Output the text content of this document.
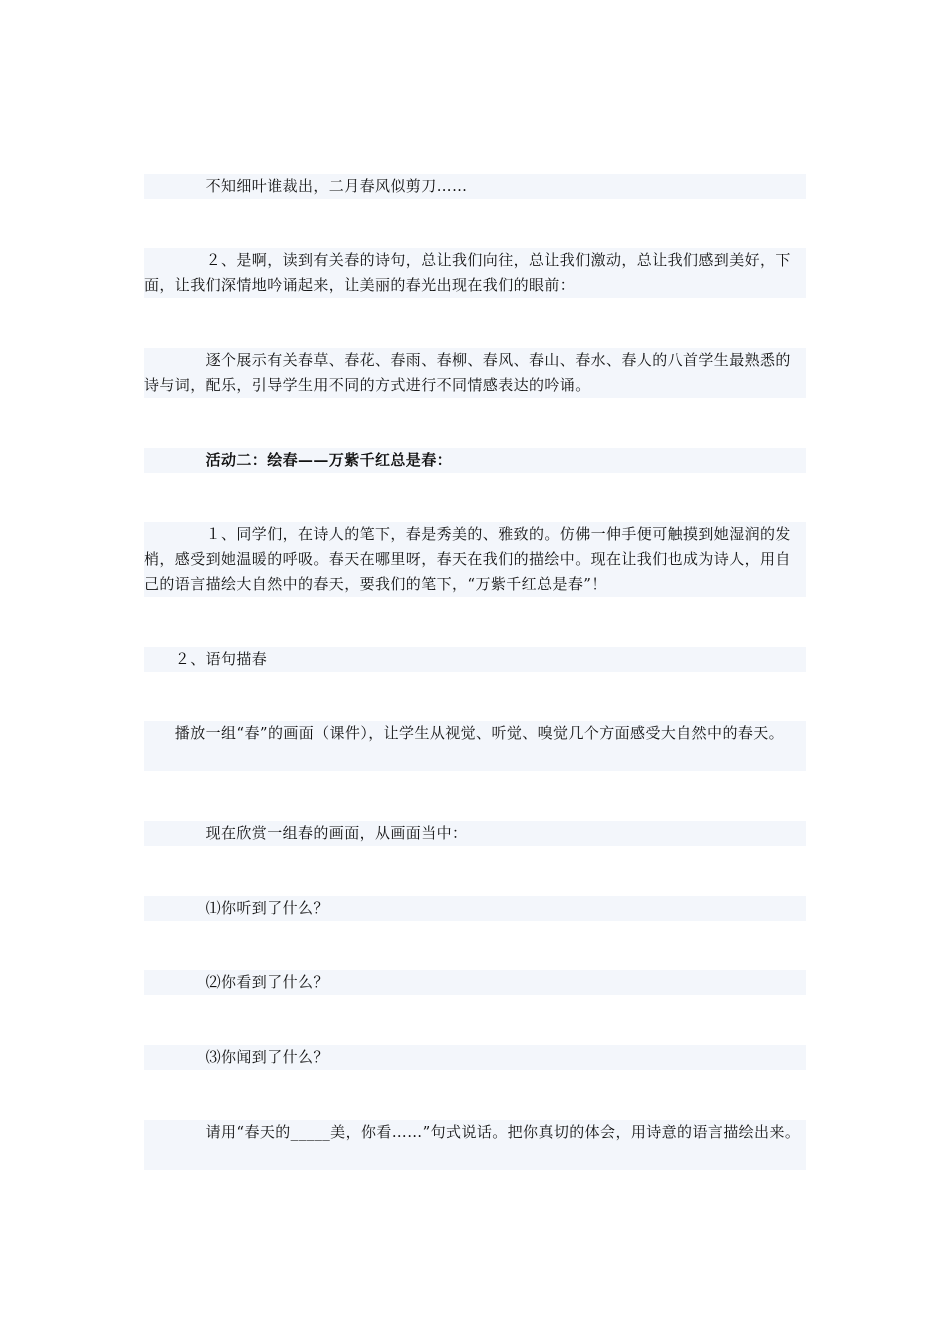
　　　　不知细叶谁裁出，二月春风似剪刀……
　　　　２、是啊，读到有关春的诗句，总让我们向往，总让我们激动，总让我们感到美好，下面，让我们深情地吟诵起来，让美丽的春光出现在我们的眼前：
　　　　逐个展示有关春草、春花、春雨、春柳、春风、春山、春水、春人的八首学生最熟悉的诗与词，配乐，引导学生用不同的方式进行不同情感表达的吟诵。
　　　　活动二：绘春——万紫千红总是春：
　　　　１、同学们，在诗人的笔下，春是秀美的、雅致的。仿佛一伸手便可触摸到她湿润的发梢，感受到她温暖的呼吸。春天在哪里呀，春天在我们的描绘中。现在让我们也成为诗人，用自己的语言描绘大自然中的春天，要我们的笔下，“万紫千红总是春”！
　　２、语句描春
　　播放一组“春”的画面（课件），让学生从视觉、听觉、嗅觉几个方面感受大自然中的春天。
　　　　现在欣赏一组春的画面，从画面当中：
　　　　⑴你听到了什么？
　　　　⑵你看到了什么？
　　　　⑶你闻到了什么？
　　　　请用“春天的_____美，你看……”句式说话。把你真切的体会，用诗意的语言描绘出来。
